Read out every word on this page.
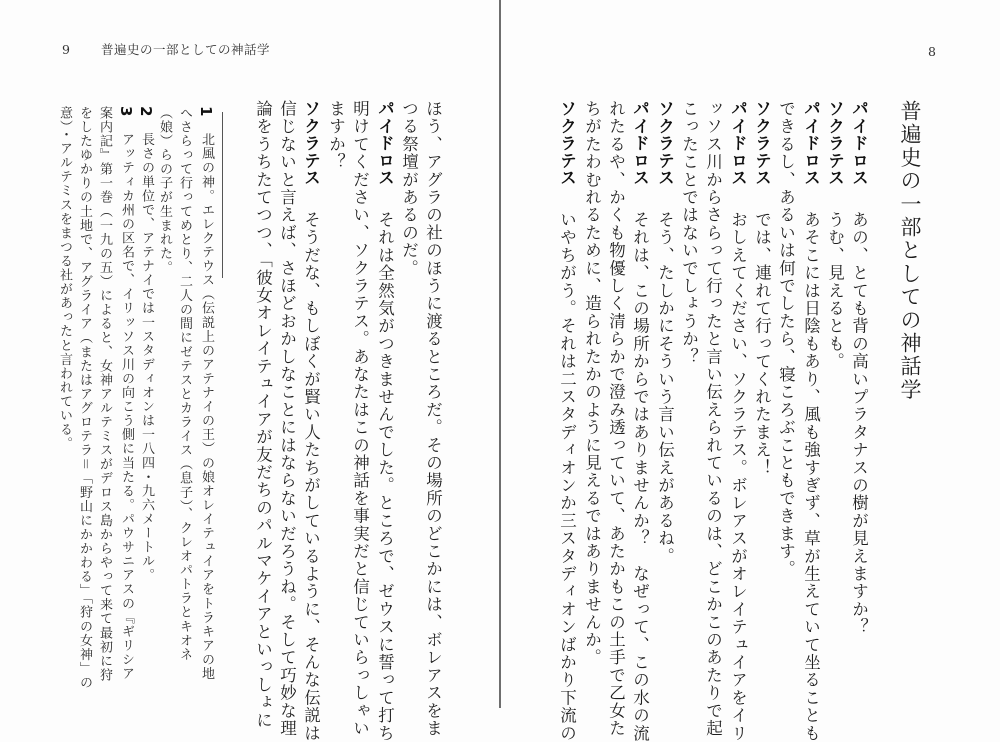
9 普遍史の一部としての神話学
ほう、アグラの社のほうに渡るところだ。その場所のどこかには、ボレアスをま
つる祭壇があるのだ。
パイドロス それは全然気がつきませんでした。ところで、ゼウスに誓って打ち
明けてください、ソクラテス。あなたはこの神話を事実だと信じていらっしゃい
ますか？
ソクラテス そうだな、もしぼくが賢い人たちがしているように、そんな伝説は
信じないと言えば、さほどおかしなことにはならないだろうね。そして巧妙な理
論をうちたてつつ、「彼女オレイテュイアが友だちのパルマケイアといっしょに
1 北風の神。エレクテウス（伝説上のアテナイの王）の娘オレイテュイアをトラキアの地
へさらって行ってめとり、二人の間にゼテスとカライス（息子）、クレオパトラとキオネ
（娘）らの子が生まれた。
2 長さの単位で、アテナイでは一スタディオンは一八四・九六メートル。
3 アッティカ州の区名で、イリッソス川の向こう側に当たる。パウサニアスの『ギリシア
案内記』第一巻（一九の五）によると、女神アルテミスがデロス島からやって来て最初に狩
をしたゆかりの土地で、アグライア（またはアグロテラ＝「野山にかかわる」「狩の女神」の
意）・アルテミスをまつる社があったと言われている。
8
普遍史の一部としての神話学
パイドロス あの、とても背の高いプラタナスの樹が見えますか？
ソクラテス うむ、見えるとも。
パイドロス あそこには日陰もあり、風も強すぎず、草が生えていて坐ることも
できるし、あるいは何でしたら、寝ころぶこともできます。
ソクラテス では、連れて行ってくれたまえ！
パイドロス おしえてください、ソクラテス。ボレアスがオレイテュイアをイリ
ッソス川からさらって行ったと言い伝えられているのは、どこかこのあたりで起
こったことではないでしょうか？
ソクラテス そう、たしかにそういう言い伝えがあるね。
パイドロス それは、この場所からではありませんか？　なぜって、この水の流
れたるや、かくも物優しく清らかで澄み透っていて、あたかもこの土手で乙女た
ちがたわむれるために、造られたかのように見えるではありませんか。
ソクラテス いやちがう。それは二スタディオンか三スタディオンばかり下流の
